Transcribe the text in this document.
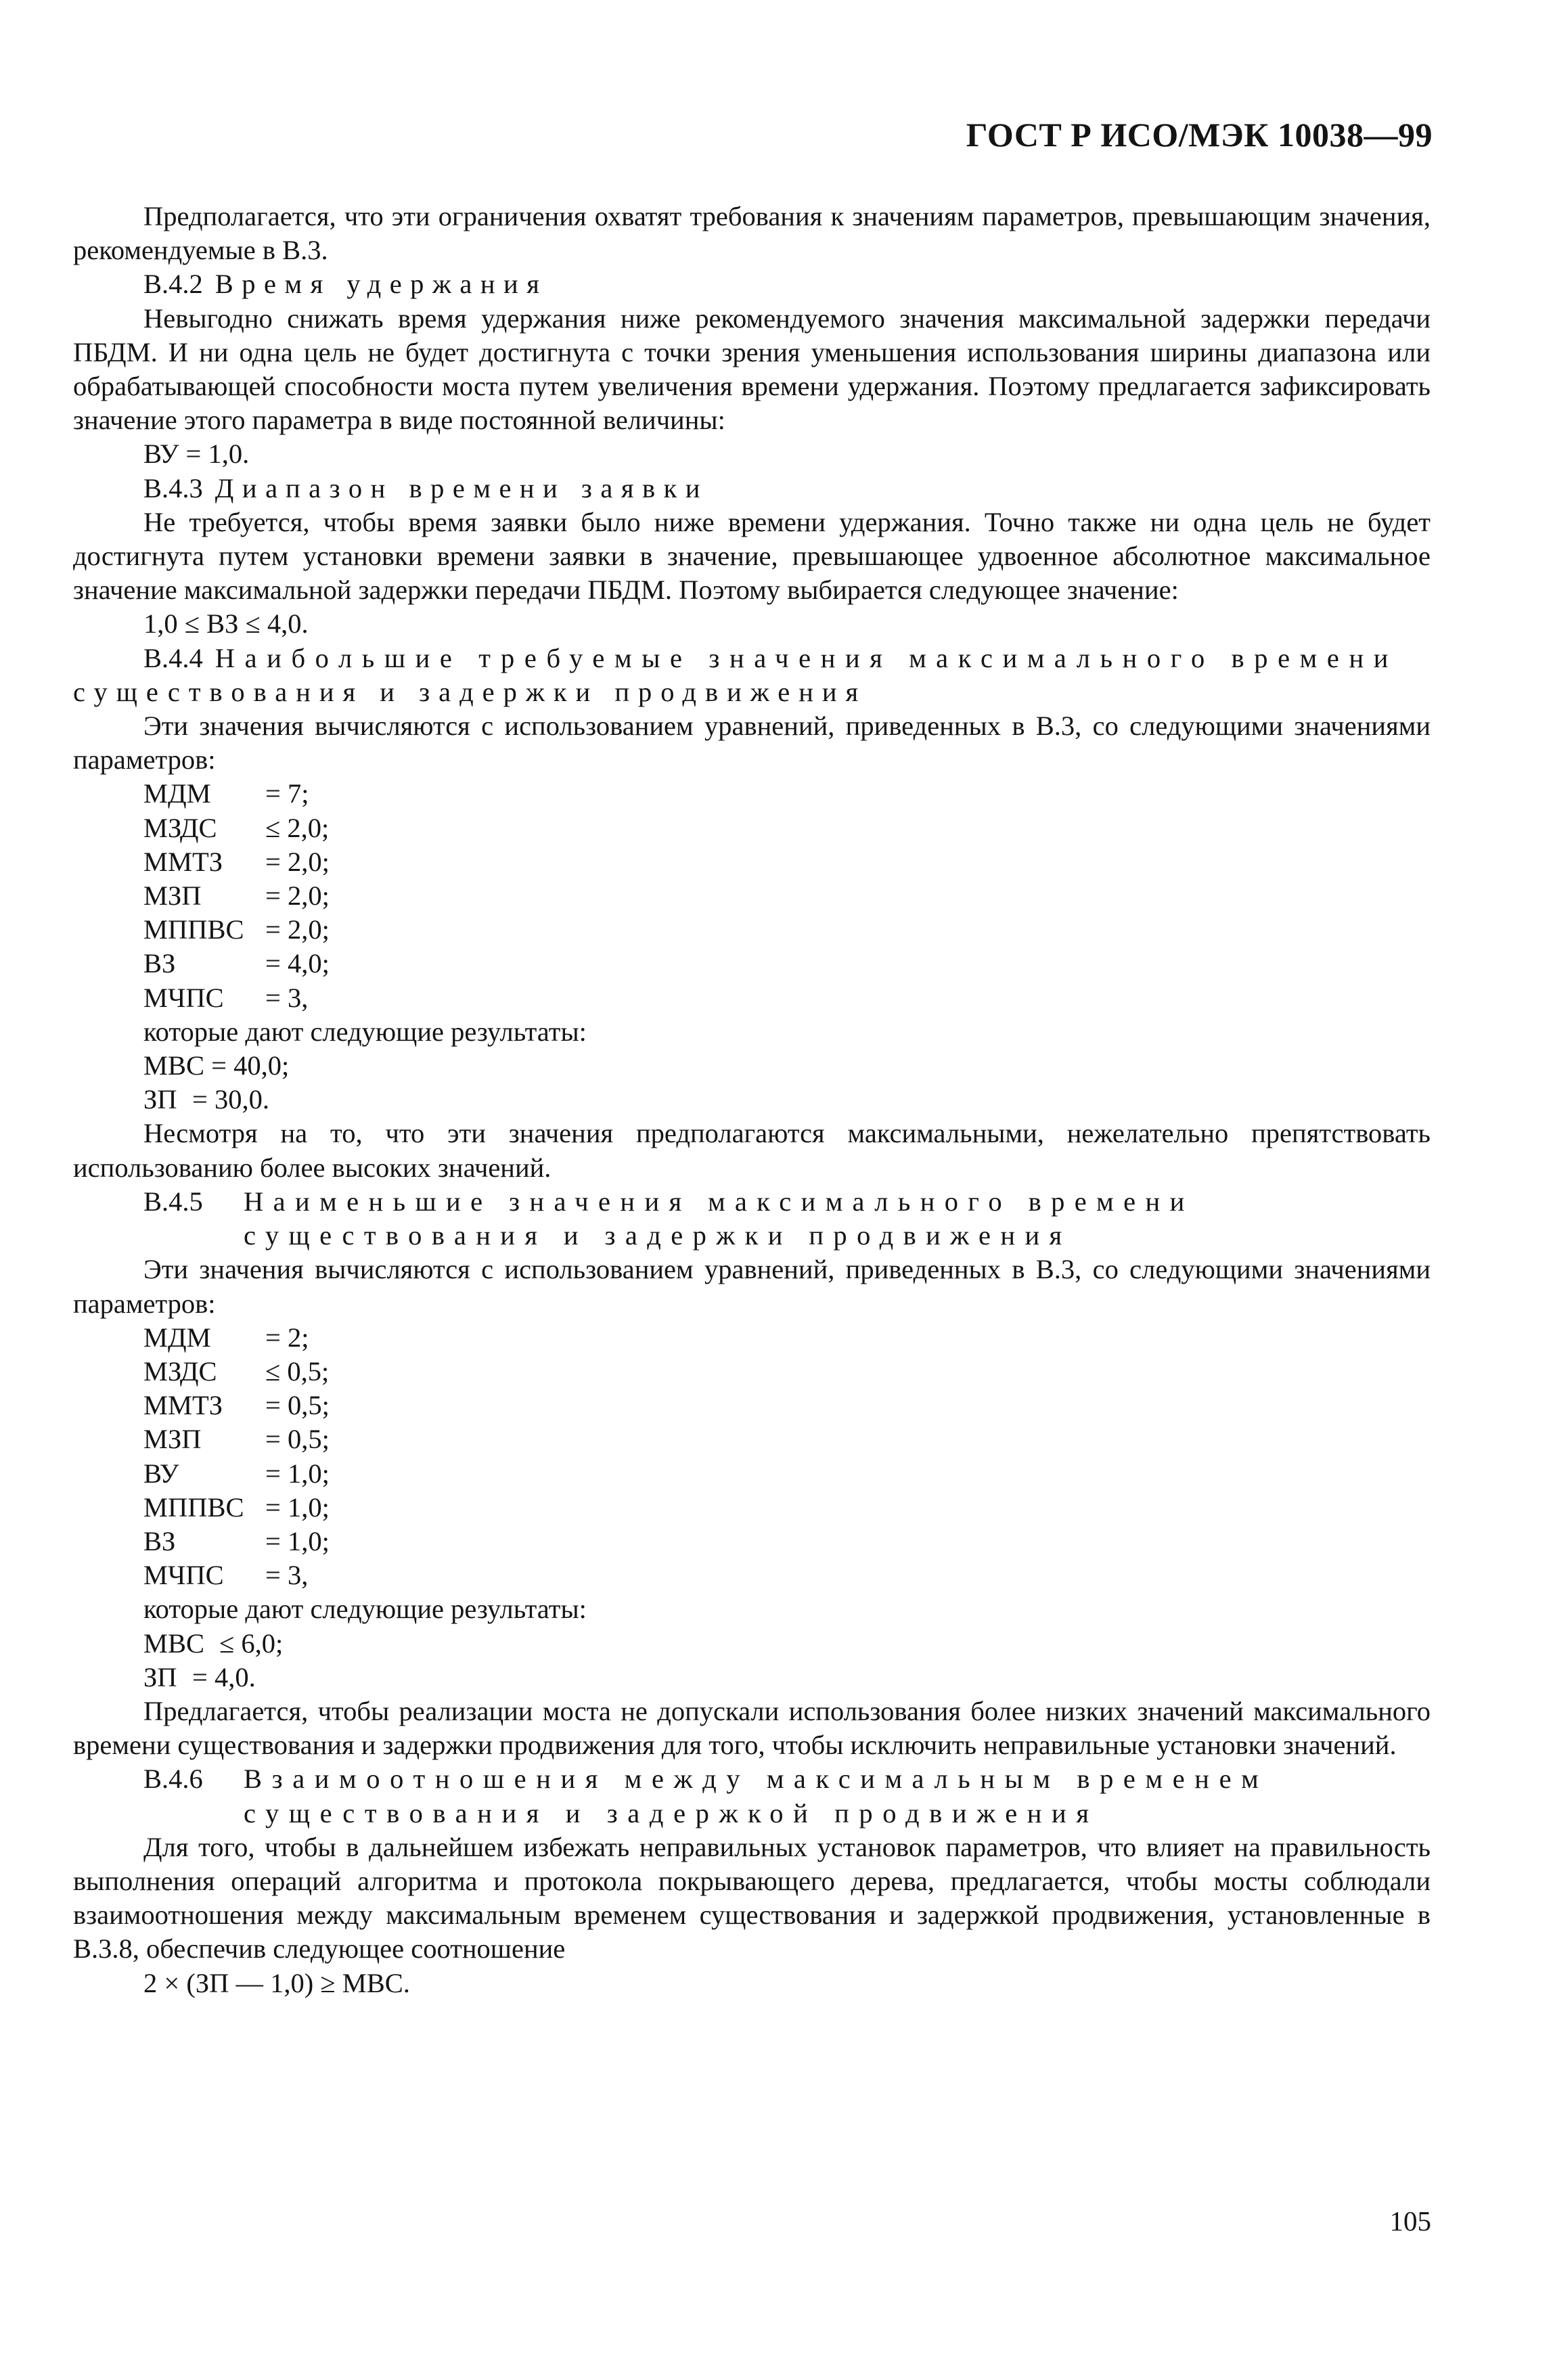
ГОСТ Р ИСО/МЭК 10038—99

Предполагается, что эти ограничения охватят требования к значениям параметров, превышающим значения, рекомендуемые в В.3.

В.4.2 Время удержания

Невыгодно снижать время удержания ниже рекомендуемого значения максимальной задержки передачи ПБДМ. И ни одна цель не будет достигнута с точки зрения уменьшения использования ширины диапазона или обрабатывающей способности моста путем увеличения времени удержания. Поэтому предлагается зафиксировать значение этого параметра в виде постоянной величины:

ВУ = 1,0.

В.4.3 Диапазон времени заявки

Не требуется, чтобы время заявки было ниже времени удержания. Точно также ни одна цель не будет достигнута путем установки времени заявки в значение, превышающее удвоенное абсолютное максимальное значение максимальной задержки передачи ПБДМ. Поэтому выбирается следующее значение:

1,0 ≤ ВЗ ≤ 4,0.

В.4.4 Наибольшие требуемые значения максимального времени

существования и задержки продвижения

Эти значения вычисляются с использованием уравнений, приведенных в В.3, со следующими значениями параметров:

МДМ = 7;

МЗДС ≤ 2,0;

ММТЗ = 2,0;

МЗП = 2,0;

МППВС = 2,0;

ВЗ	= 4,0;

МЧПС = 3,

которые дают следующие результаты:

МВС = 40,0;

ЗП = 30,0.

Несмотря на то, что эти значения предполагаются максимальными, нежелательно препятствовать использованию более высоких значений.

В.4.5 Наименьшие значения максимального времени существования и задержки продвижения

Эти значения вычисляются с использованием уравнений, приведенных в В.3, со следующими значениями параметров:

МДМ = 2;

МЗДС ≤ 0,5;

ММТЗ = 0,5;

МЗП = 0,5;

ВУ	= 1,0;

МППВС = 1,0;

ВЗ	= 1,0;

МЧПС = 3,

которые дают следующие результаты:

МВС ≤ 6,0;

ЗП = 4,0.

Предлагается, чтобы реализации моста не допускали использования более низких значений максимального времени существования и задержки продвижения для того, чтобы исключить неправильные установки значений.

В.4.6 Взаимоотношения между максимальным временем существования и задержкой продвижения

Для того, чтобы в дальнейшем избежать неправильных установок параметров, что влияет на правильность выполнения операций алгоритма и протокола покрывающего дерева, предлагается, чтобы мосты соблюдали взаимоотношения между максимальным временем существования и задержкой продвижения, установленные в В.3.8, обеспечив следующее соотношение

2 × (ЗП — 1,0) ≥ МВС.

105
